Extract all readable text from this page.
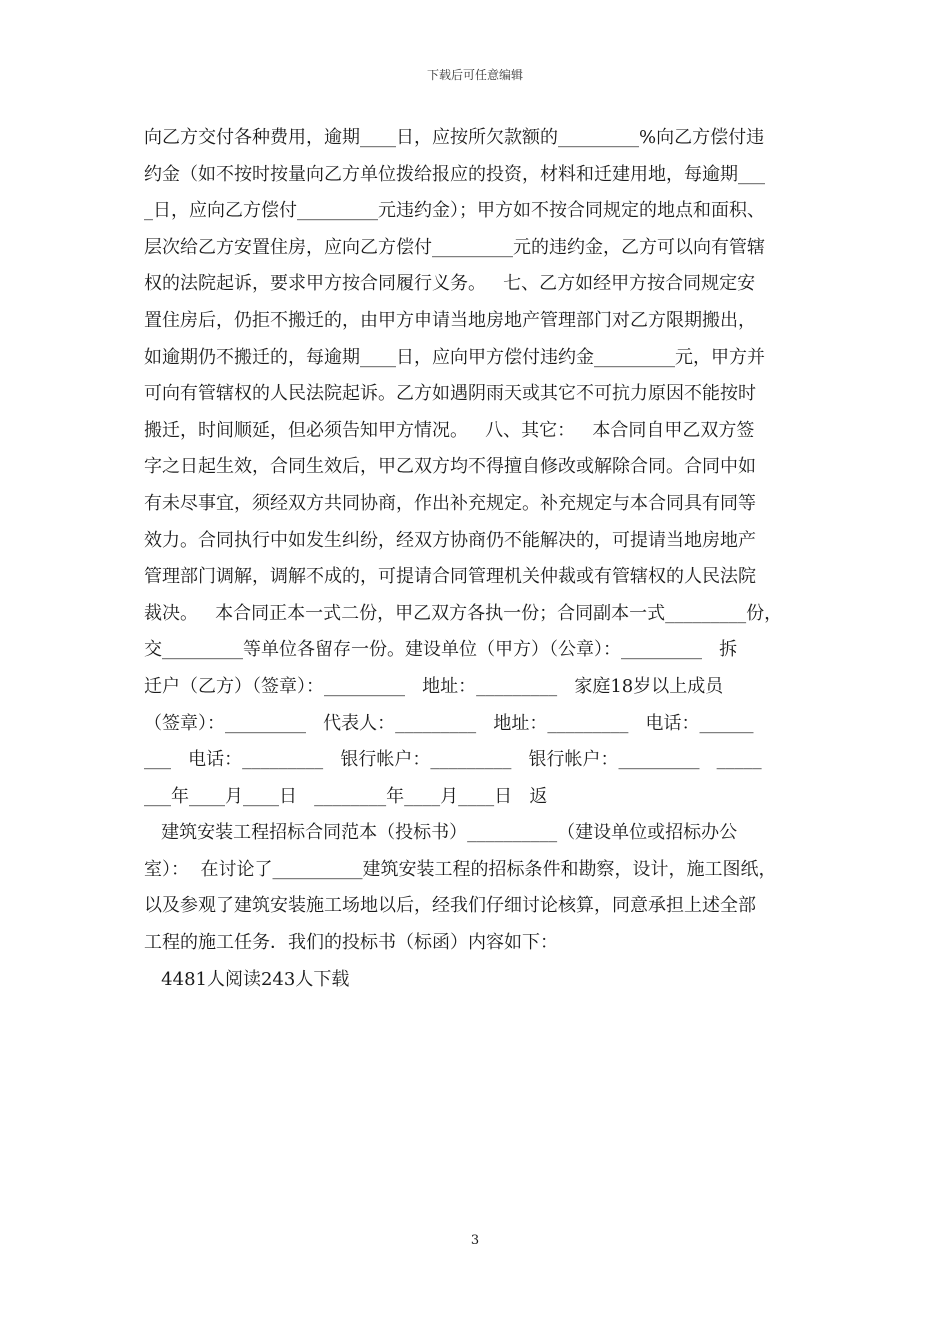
下载后可任意编辑
向乙方交付各种费用，逾期____日，应按所欠款额的_________%向乙方偿付违
约金（如不按时按量向乙方单位拨给报应的投资，材料和迁建用地，每逾期___
_日，应向乙方偿付_________元违约金）；甲方如不按合同规定的地点和面积、
层次给乙方安置住房，应向乙方偿付_________元的违约金，乙方可以向有管辖
权的法院起诉，要求甲方按合同履行义务。   七、乙方如经甲方按合同规定安
置住房后，仍拒不搬迁的，由甲方申请当地房地产管理部门对乙方限期搬出，
如逾期仍不搬迁的，每逾期____日，应向甲方偿付违约金_________元，甲方并
可向有管辖权的人民法院起诉。乙方如遇阴雨天或其它不可抗力原因不能按时
搬迁，时间顺延，但必须告知甲方情况。   八、其它：   本合同自甲乙双方签
字之日起生效，合同生效后，甲乙双方均不得擅自修改或解除合同。合同中如
有未尽事宜，须经双方共同协商，作出补充规定。补充规定与本合同具有同等
效力。合同执行中如发生纠纷，经双方协商仍不能解决的，可提请当地房地产
管理部门调解，调解不成的，可提请合同管理机关仲裁或有管辖权的人民法院
裁决。   本合同正本一式二份，甲乙双方各执一份；合同副本一式_________份，
交_________等单位各留存一份。建设单位（甲方）（公章）：_________   拆
迁户（乙方）（签章）：_________   地址：_________   家庭18岁以上成员
（签章）：_________   代表人：_________   地址：_________   电话：______
___   电话：_________   银行帐户：_________   银行帐户：_________   _____
___年____月____日   ________年____月____日   返
建筑安装工程招标合同范本（投标书）__________（建设单位或招标办公
室）：  在讨论了__________建筑安装工程的招标条件和勘察，设计，施工图纸，
以及参观了建筑安装施工场地以后，经我们仔细讨论核算，同意承担上述全部
工程的施工任务．我们的投标书（标函）内容如下：
4481人阅读243人下载
3
